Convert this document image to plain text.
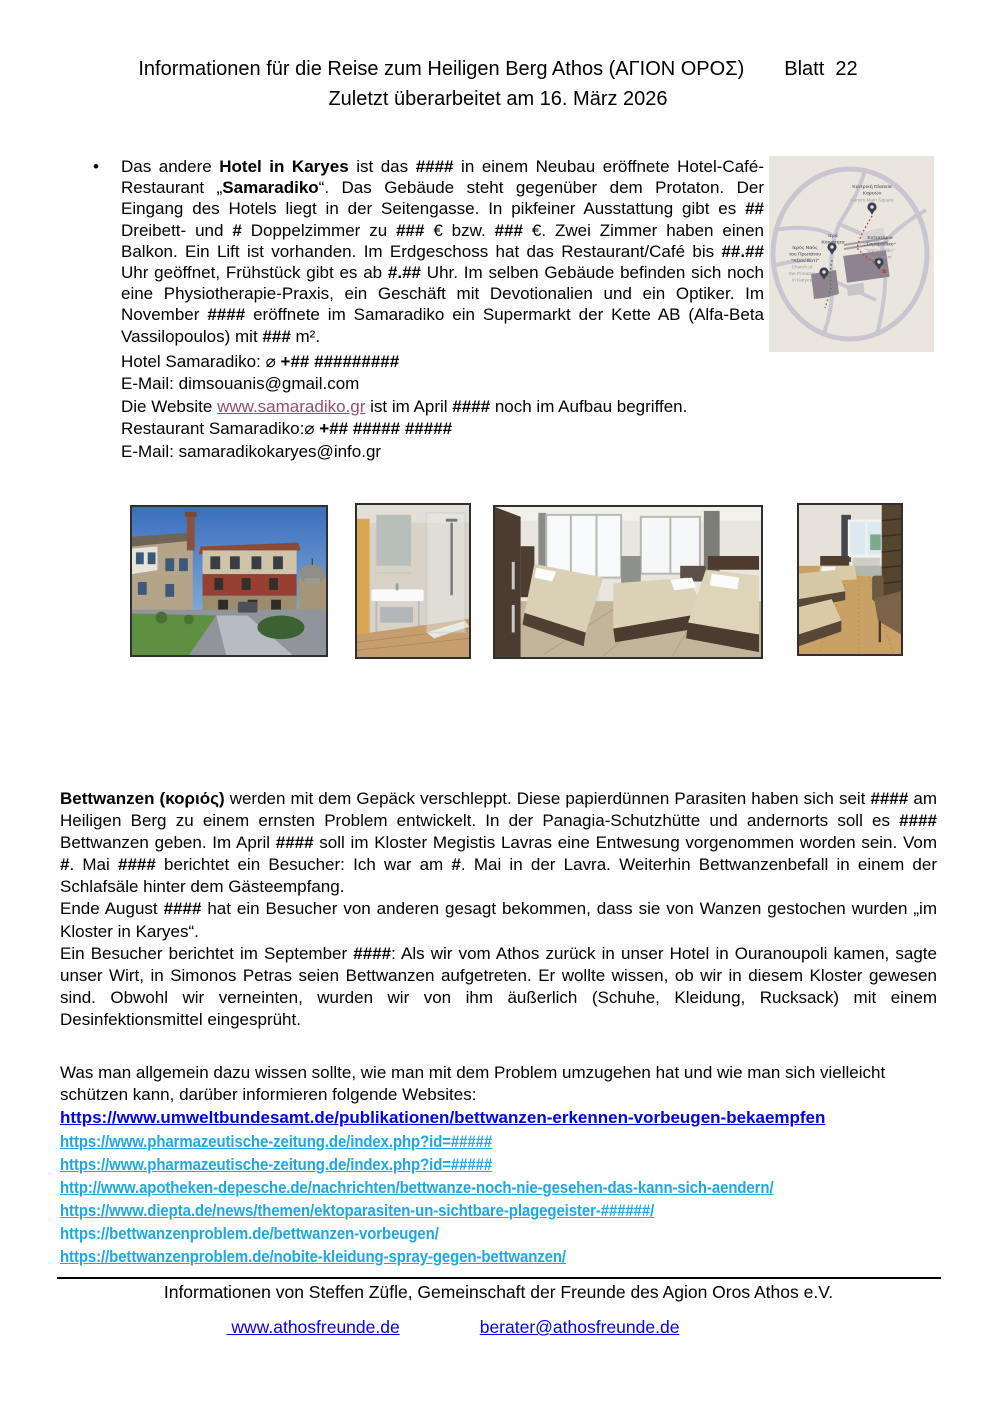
Informationen für die Reise zum Heiligen Berg Athos (ΑΓΙΟΝ ΟΡΟΣ) Blatt  22
Zuletzt überarbeitet am 16. März 2026
• Das andere Hotel in Karyes ist das #### in einem Neubau eröffnete Hotel-Café-Restaurant „Samaradiko“. Das Gebäude steht gegenüber dem Protaton. Der Eingang des Hotels liegt in der Seitengasse. In pikfeiner Ausstattung gibt es ## Dreibett- und # Doppelzimmer zu ### € bzw. ### €. Zwei Zimmer haben einen Balkon. Ein Lift ist vorhanden. Im Erdgeschoss hat das Restaurant/Café bis ##.## Uhr geöffnet, Frühstück gibt es ab #.## Uhr. Im selben Gebäude befinden sich noch eine Physiotherapie-Praxis, ein Geschäft mit Devotionalien und ein Optiker. Im November #### eröffnete im Samaradiko ein Supermarkt der Kette AB (Alfa-Beta Vassilopoulos) mit ### m².
Hotel Samaradiko: ⌀ +## #########
E-Mail: dimsouanis@gmail.com
Die Website www.samaradiko.gr ist im April #### noch im Aufbau begriffen.
Restaurant Samaradiko:⌀ +## ##### #####
E-Mail: samaradikokaryes@info.gr
Κεντρική Πλατεία
Καρυών
Karyes Main Square
Ιερά
Κοινότητα
Εστιατόριο
„Σαμαράδικο“
"Samaradiko"
Restaurant
Ιερός Ναός
του Πρωτάτου
"Άξιον Εστί"
Church of
the Protaton
in Karyes

Bettwanzen (κοριός) werden mit dem Gepäck verschleppt. Diese papierdünnen Parasiten haben sich seit #### am Heiligen Berg zu einem ernsten Problem entwickelt. In der Panagia-Schutzhütte und andernorts soll es #### Bettwanzen geben. Im April #### soll im Kloster Megistis Lavras eine Entwesung vorgenommen worden sein. Vom #. Mai #### berichtet ein Besucher: Ich war am #. Mai in der Lavra. Weiterhin Bettwanzenbefall in einem der Schlafsäle hinter dem Gästeempfang.

Ende August #### hat ein Besucher von anderen gesagt bekommen, dass sie von Wanzen gestochen wurden „im Kloster in Karyes“.

Ein Besucher berichtet im September ####: Als wir vom Athos zurück in unser Hotel in Ouranoupoli kamen, sagte unser Wirt, in Simonos Petras seien Bettwanzen aufgetreten. Er wollte wissen, ob wir in diesem Kloster gewesen sind. Obwohl wir verneinten, wurden wir von ihm äußerlich (Schuhe, Kleidung, Rucksack) mit einem Desinfektionsmittel eingesprüht.

Was man allgemein dazu wissen sollte, wie man mit dem Problem umzugehen hat und wie man sich vielleicht schützen kann, darüber informieren folgende Websites:

https://www.umweltbundesamt.de/publikationen/bettwanzen-erkennen-vorbeugen-bekaempfen
https://www.pharmazeutische-zeitung.de/index.php?id=#####
https://www.pharmazeutische-zeitung.de/index.php?id=#####
http://www.apotheken-depesche.de/nachrichten/bettwanze-noch-nie-gesehen-das-kann-sich-aendern/
https://www.diepta.de/news/themen/ektoparasiten-un-sichtbare-plagegeister-######/
https://bettwanzenproblem.de/bettwanzen-vorbeugen/
https://bettwanzenproblem.de/nobite-kleidung-spray-gegen-bettwanzen/
Informationen von Steffen Züfle, Gemeinschaft der Freunde des Agion Oros Athos e.V.
www.athosfreunde.de	berater@athosfreunde.de
